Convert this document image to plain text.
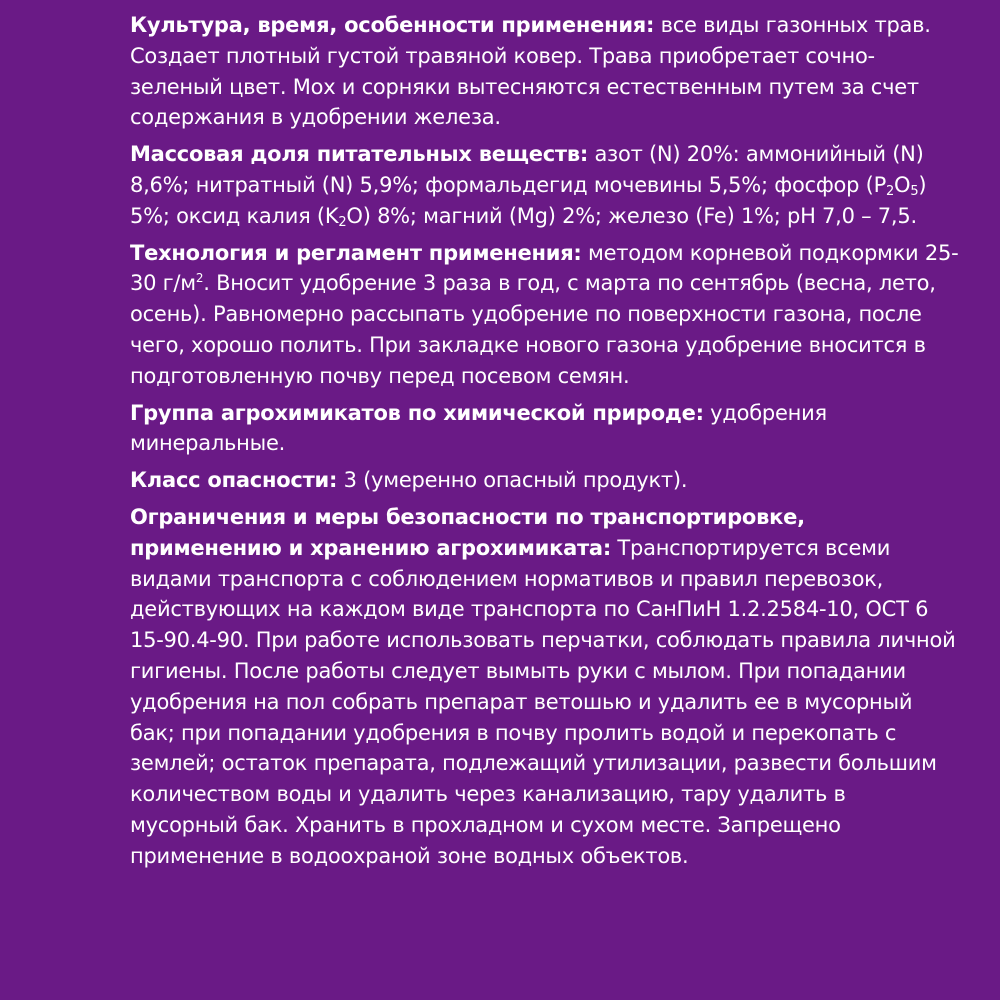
Культура, время, особенности применения: все виды газонных трав. Создает плотный густой травяной ковер. Трава приобретает сочно-зеленый цвет. Мох и сорняки вытесняются естественным путем за счет содержания в удобрении железа.

Массовая доля питательных веществ: азот (N) 20%: аммонийный (N) 8,6%; нитратный (N) 5,9%; формальдегид мочевины 5,5%; фосфор $(P_2O_5)$ 5%; оксид калия $(K_2O)$ 8%; магний (Mg) 2%; железо (Fe) 1%; pH 7,0 – 7,5.

Технология и регламент применения: методом корневой подкормки 25-30 $г/м^2$. Вносит удобрение 3 раза в год, с марта по сентябрь (весна, лето, осень). Равномерно рассыпать удобрение по поверхности газона, после чего, хорошо полить. При закладке нового газона удобрение вносится в подготовленную почву перед посевом семян.

Группа агрохимикатов по химической природе: удобрения минеральные.

Класс опасности: 3 (умеренно опасный продукт).

Ограничения и меры безопасности по транспортировке, применению и хранению агрохимиката: Транспортируется всеми видами транспорта с соблюдением нормативов и правил перевозок, действующих на каждом виде транспорта по СанПиН 1.2.2584-10, ОСТ 6 15-90.4-90. При работе использовать перчатки, соблюдать правила личной гигиены. После работы следует вымыть руки с мылом. При попадании удобрения на пол собрать препарат ветошью и удалить ее в мусорный бак; при попадании удобрения в почву пролить водой и перекопать с землей; остаток препарата, подлежащий утилизации, развести большим количеством воды и удалить через канализацию, тару удалить в мусорный бак. Хранить в прохладном и сухом месте. Запрещено применение в водоохраной зоне водных объектов.
